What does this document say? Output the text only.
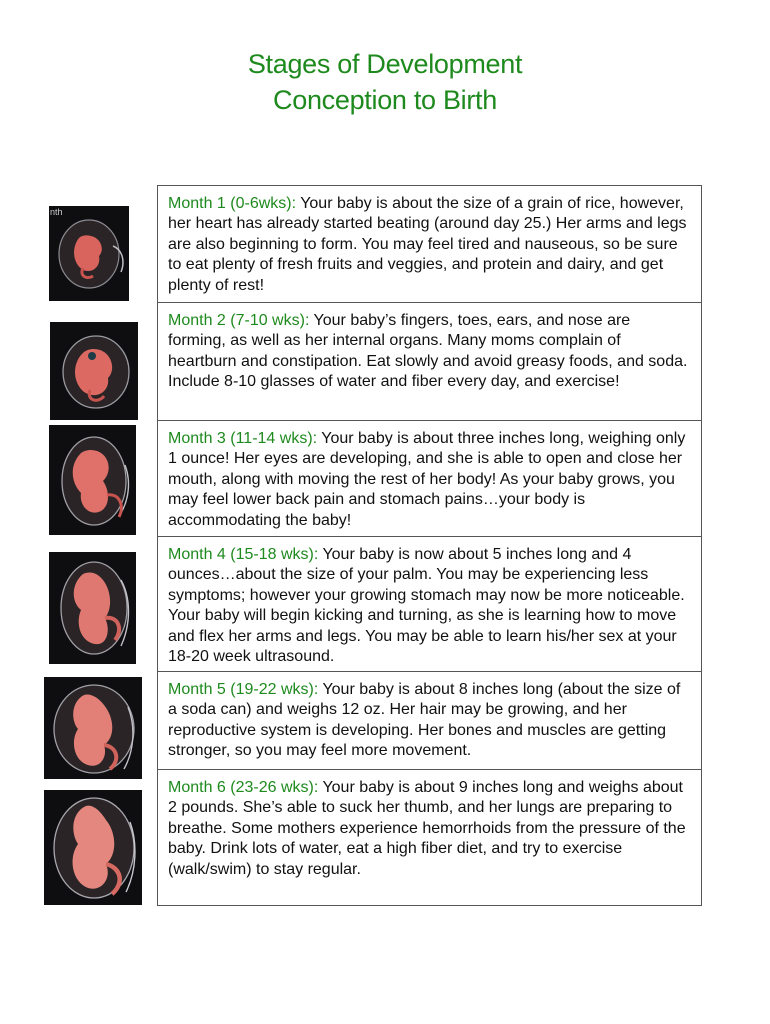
Stages of Development
Conception to Birth
nth	Month 1 (0-6wks): Your baby is about the size of a grain of rice, however, her heart has already started beating (around day 25.) Her arms and legs are also beginning to form. You may feel tired and nauseous, so be sure to eat plenty of fresh fruits and veggies, and protein and dairy, and get plenty of rest!

Month 2 (7-10 wks): Your baby’s fingers, toes, ears, and nose are forming, as well as her internal organs. Many moms complain of heartburn and constipation. Eat slowly and avoid greasy foods, and soda. Include 8-10 glasses of water and fiber every day, and exercise!

Month 3 (11-14 wks): Your baby is about three inches long, weighing only 1 ounce! Her eyes are developing, and she is able to open and close her mouth, along with moving the rest of her body! As your baby grows, you may feel lower back pain and stomach pains…your body is accommodating the baby!

Month 4 (15-18 wks): Your baby is now about 5 inches long and 4 ounces…about the size of your palm. You may be experiencing less symptoms; however your growing stomach may now be more noticeable. Your baby will begin kicking and turning, as she is learning how to move and flex her arms and legs. You may be able to learn his/her sex at your 18-20 week ultrasound.

Month 5 (19-22 wks): Your baby is about 8 inches long (about the size of a soda can) and weighs 12 oz. Her hair may be growing, and her reproductive system is developing. Her bones and muscles are getting stronger, so you may feel more movement.

Month 6 (23-26 wks): Your baby is about 9 inches long and weighs about 2 pounds. She’s able to suck her thumb, and her lungs are preparing to breathe. Some mothers experience hemorrhoids from the pressure of the baby. Drink lots of water, eat a high fiber diet, and try to exercise (walk/swim) to stay regular.
